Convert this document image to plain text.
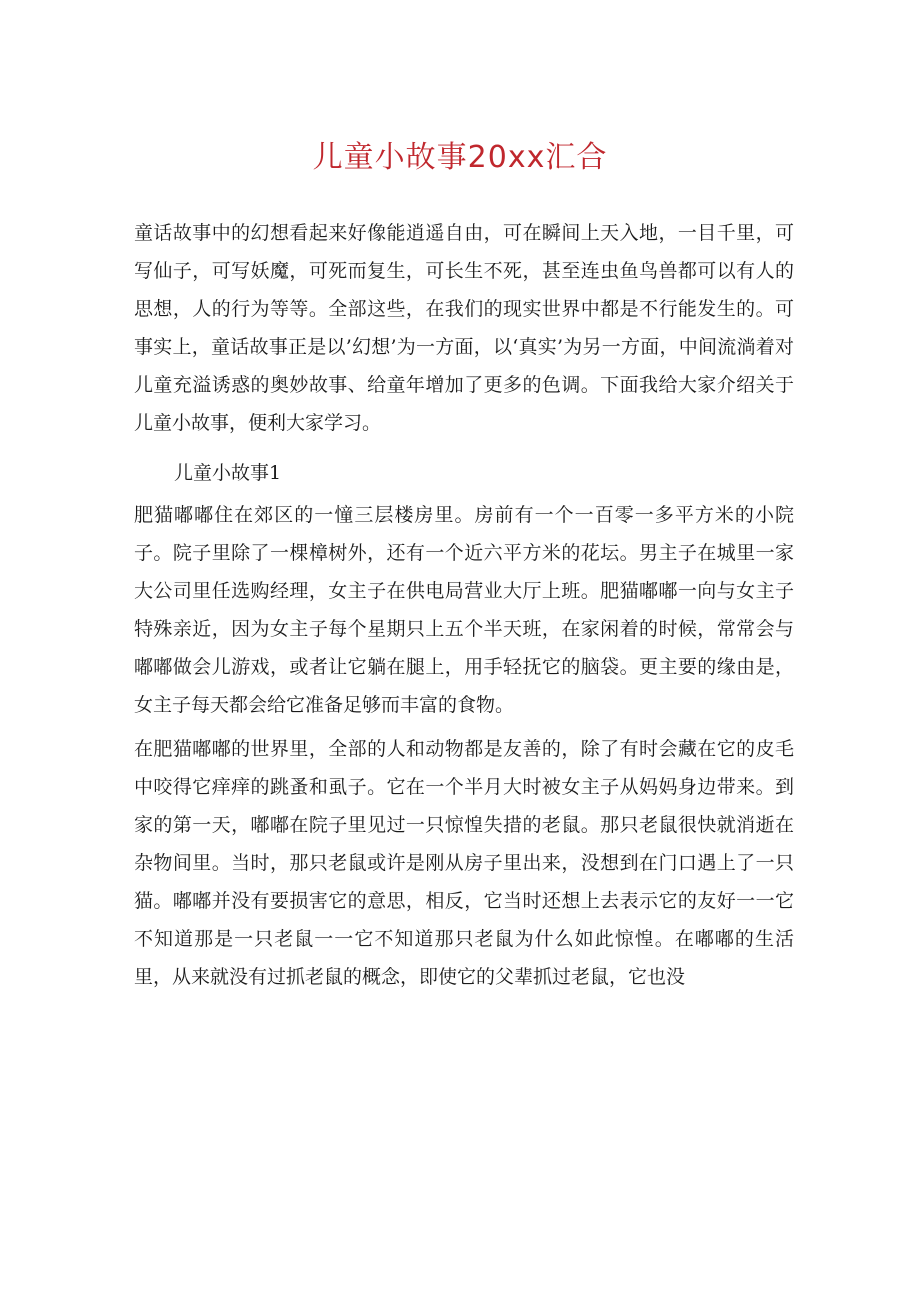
儿童小故事20xx汇合

童话故事中的幻想看起来好像能逍遥自由，可在瞬间上天入地，一目千里，可写仙子，可写妖魔，可死而复生，可长生不死，甚至连虫鱼鸟兽都可以有人的思想，人的行为等等。全部这些，在我们的现实世界中都是不行能发生的。可事实上，童话故事正是以’幻想’为一方面，以‘真实’为另一方面，中间流淌着对儿童充溢诱惑的奥妙故事、给童年增加了更多的色调。下面我给大家介绍关于儿童小故事，便利大家学习。

儿童小故事1

肥猫嘟嘟住在郊区的一憧三层楼房里。房前有一个一百零一多平方米的小院子。院子里除了一棵樟树外，还有一个近六平方米的花坛。男主子在城里一家大公司里任选购经理，女主子在供电局营业大厅上班。肥猫嘟嘟一向与女主子特殊亲近，因为女主子每个星期只上五个半天班，在家闲着的时候，常常会与嘟嘟做会儿游戏，或者让它躺在腿上，用手轻抚它的脑袋。更主要的缘由是，女主子每天都会给它准备足够而丰富的食物。

在肥猫嘟嘟的世界里，全部的人和动物都是友善的，除了有时会藏在它的皮毛中咬得它痒痒的跳蚤和虱子。它在一个半月大时被女主子从妈妈身边带来。到家的第一天，嘟嘟在院子里见过一只惊惶失措的老鼠。那只老鼠很快就消逝在杂物间里。当时，那只老鼠或许是刚从房子里出来，没想到在门口遇上了一只猫。嘟嘟并没有要损害它的意思，相反，它当时还想上去表示它的友好一一它不知道那是一只老鼠一一它不知道那只老鼠为什么如此惊惶。在嘟嘟的生活里，从来就没有过抓老鼠的概念，即使它的父辈抓过老鼠，它也没
